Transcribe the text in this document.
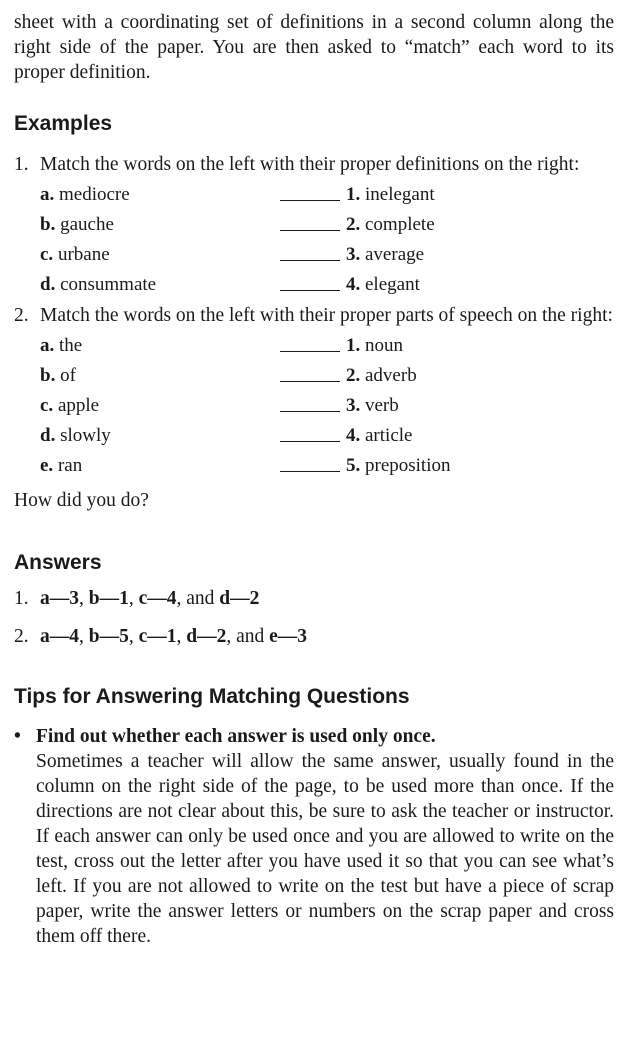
sheet with a coordinating set of definitions in a second column along the right side of the paper. You are then asked to “match” each word to its proper definition.

Examples
1. Match the words on the left with their proper definitions on the right:
a. mediocre	1. inelegant
b. gauche	2. complete
c. urbane	3. average
d. consummate	4. elegant
2. Match the words on the left with their proper parts of speech on the right:
a. the	1. noun
b. of	2. adverb
c. apple	3. verb
d. slowly	4. article
e. ran	5. preposition
How did you do?
Answers
1. a—3, b—1, c—4, and d—2
2. a—4, b—5, c—1, d—2, and e—3
Tips for Answering Matching Questions
• Find out whether each answer is used only once.

Sometimes a teacher will allow the same answer, usually found in the column on the right side of the page, to be used more than once. If the directions are not clear about this, be sure to ask the teacher or instructor. If each answer can only be used once and you are allowed to write on the test, cross out the letter after you have used it so that you can see what’s left. If you are not allowed to write on the test but have a piece of scrap paper, write the answer letters or numbers on the scrap paper and cross them off there.
